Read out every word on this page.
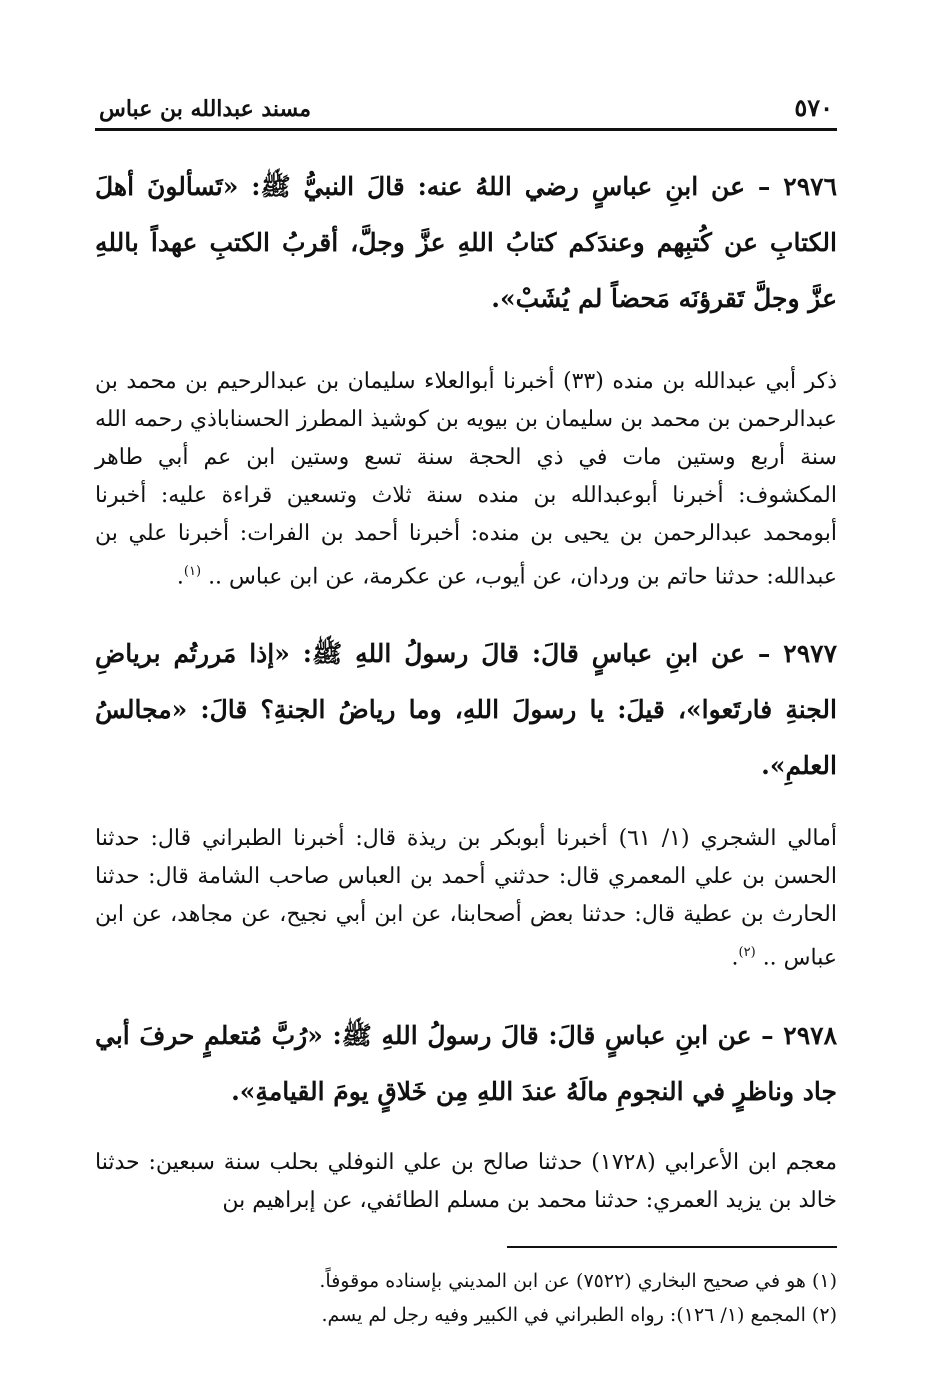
٥٧٠
مسند عبدالله بن عباس

٢٩٧٦ – عن ابنِ عباسٍ رضي اللهُ عنه: قالَ النبيُّ ﷺ: «تَسألونَ أهلَ الكتابِ عن كُتبِهم وعندَكم كتابُ اللهِ عزَّ وجلَّ، أقربُ الكتبِ عهداً باللهِ عزَّ وجلَّ تَقرؤنَه مَحضاً لم يُشَبْ».

ذكر أبي عبدالله بن منده (٣٣) أخبرنا أبوالعلاء سليمان بن عبدالرحيم بن محمد بن عبدالرحمن بن محمد بن سليمان بن بيويه بن كوشيذ المطرز الحسناباذي رحمه الله سنة أربع وستين مات في ذي الحجة سنة تسع وستين ابن عم أبي طاهر المكشوف: أخبرنا أبوعبدالله بن منده سنة ثلاث وتسعين قراءة عليه: أخبرنا أبومحمد عبدالرحمن بن يحيى بن منده: أخبرنا أحمد بن الفرات: أخبرنا علي بن عبدالله: حدثنا حاتم بن وردان، عن أيوب، عن عكرمة، عن ابن عباس .. $^{(١)}$.

٢٩٧٧ – عن ابنِ عباسٍ قالَ: قالَ رسولُ اللهِ ﷺ: «إذا مَررتُم برياضِ الجنةِ فارتَعوا»، قيلَ: يا رسولَ اللهِ، وما رياضُ الجنةِ؟ قالَ: «مجالسُ العلمِ».

أمالي الشجري (١/ ٦١) أخبرنا أبوبكر بن ريذة قال: أخبرنا الطبراني قال: حدثنا الحسن بن علي المعمري قال: حدثني أحمد بن العباس صاحب الشامة قال: حدثنا الحارث بن عطية قال: حدثنا بعض أصحابنا، عن ابن أبي نجيح، عن مجاهد، عن ابن عباس .. $^{(٢)}$.

٢٩٧٨ – عن ابنِ عباسٍ قالَ: قالَ رسولُ اللهِ ﷺ: «رُبَّ مُتعلمٍ حرفَ أبي جاد وناظرٍ في النجومِ مالَهُ عندَ اللهِ مِن خَلاقٍ يومَ القيامةِ».

معجم ابن الأعرابي (١٧٢٨) حدثنا صالح بن علي النوفلي بحلب سنة سبعين: حدثنا خالد بن يزيد العمري: حدثنا محمد بن مسلم الطائفي، عن إبراهيم بن

(١) هو في صحيح البخاري (٧٥٢٢) عن ابن المديني بإسناده موقوفاً.

(٢) المجمع (١/ ١٢٦): رواه الطبراني في الكبير وفيه رجل لم يسم.
